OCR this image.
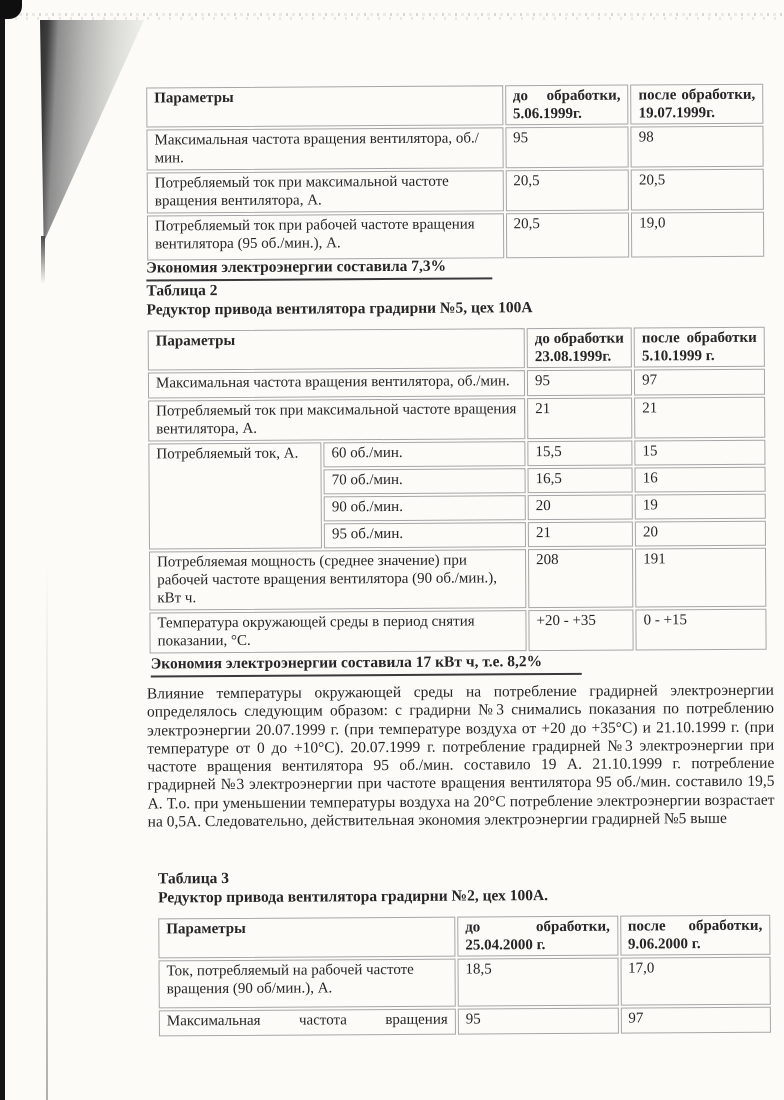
Параметры	до обработки, 5.06.1999г.	после обработки, 19.07.1999г.
Максимальная частота вращения вентилятора, об./мин.	95	98
Потребляемый ток при максимальной частоте вращения вентилятора, А.	20,5	20,5
Потребляемый ток при рабочей частоте вращения вентилятора (95 об./мин.), А.	20,5	19,0
Экономия электроэнергии составила 7,3%
Таблица 2
Редуктор привода вентилятора градирни №5, цех 100А
Параметры		до обработки 23.08.1999г.	после обработки 5.10.1999 г.
Максимальная частота вращения вентилятора, об./мин.		95	97
Потребляемый ток при максимальной частоте вращения вентилятора, А.		21	21
Потребляемый ток, А.	60 об./мин.	15,5	15
	70 об./мин.	16,5	16
	90 об./мин.	20	19
	95 об./мин.	21	20
Потребляемая мощность (среднее значение) при рабочей частоте вращения вентилятора (90 об./мин.), кВт ч.		208	191
Температура окружающей среды в период снятия показании, °С.		+20 - +35	0 - +15
Экономия электроэнергии составила 17 кВт ч, т.е. 8,2%
Влияние температуры окружающей среды на потребление градирней электроэнергии определялось следующим образом: с градирни №3 снимались показания по потреблению электроэнергии 20.07.1999 г. (при температуре воздуха от +20 до +35°С) и 21.10.1999 г. (при температуре от 0 до +10°С). 20.07.1999 г. потребление градирней №3 электроэнергии при частоте вращения вентилятора 95 об./мин. составило 19 А. 21.10.1999 г. потребление градирней №3 электроэнергии при частоте вращения вентилятора 95 об./мин. составило 19,5 А. Т.о. при уменьшении температуры воздуха на 20°С потребление электроэнергии возрастает на 0,5А. Следовательно, действительная экономия электроэнергии градирней №5 выше
Таблица 3
Редуктор привода вентилятора градирни №2, цех 100А.
Параметры	до обработки, 25.04.2000 г.	после обработки, 9.06.2000 г.
Ток, потребляемый на рабочей частоте вращения (90 об/мин.), А.	18,5	17,0
Максимальная частота вращения	95	97
